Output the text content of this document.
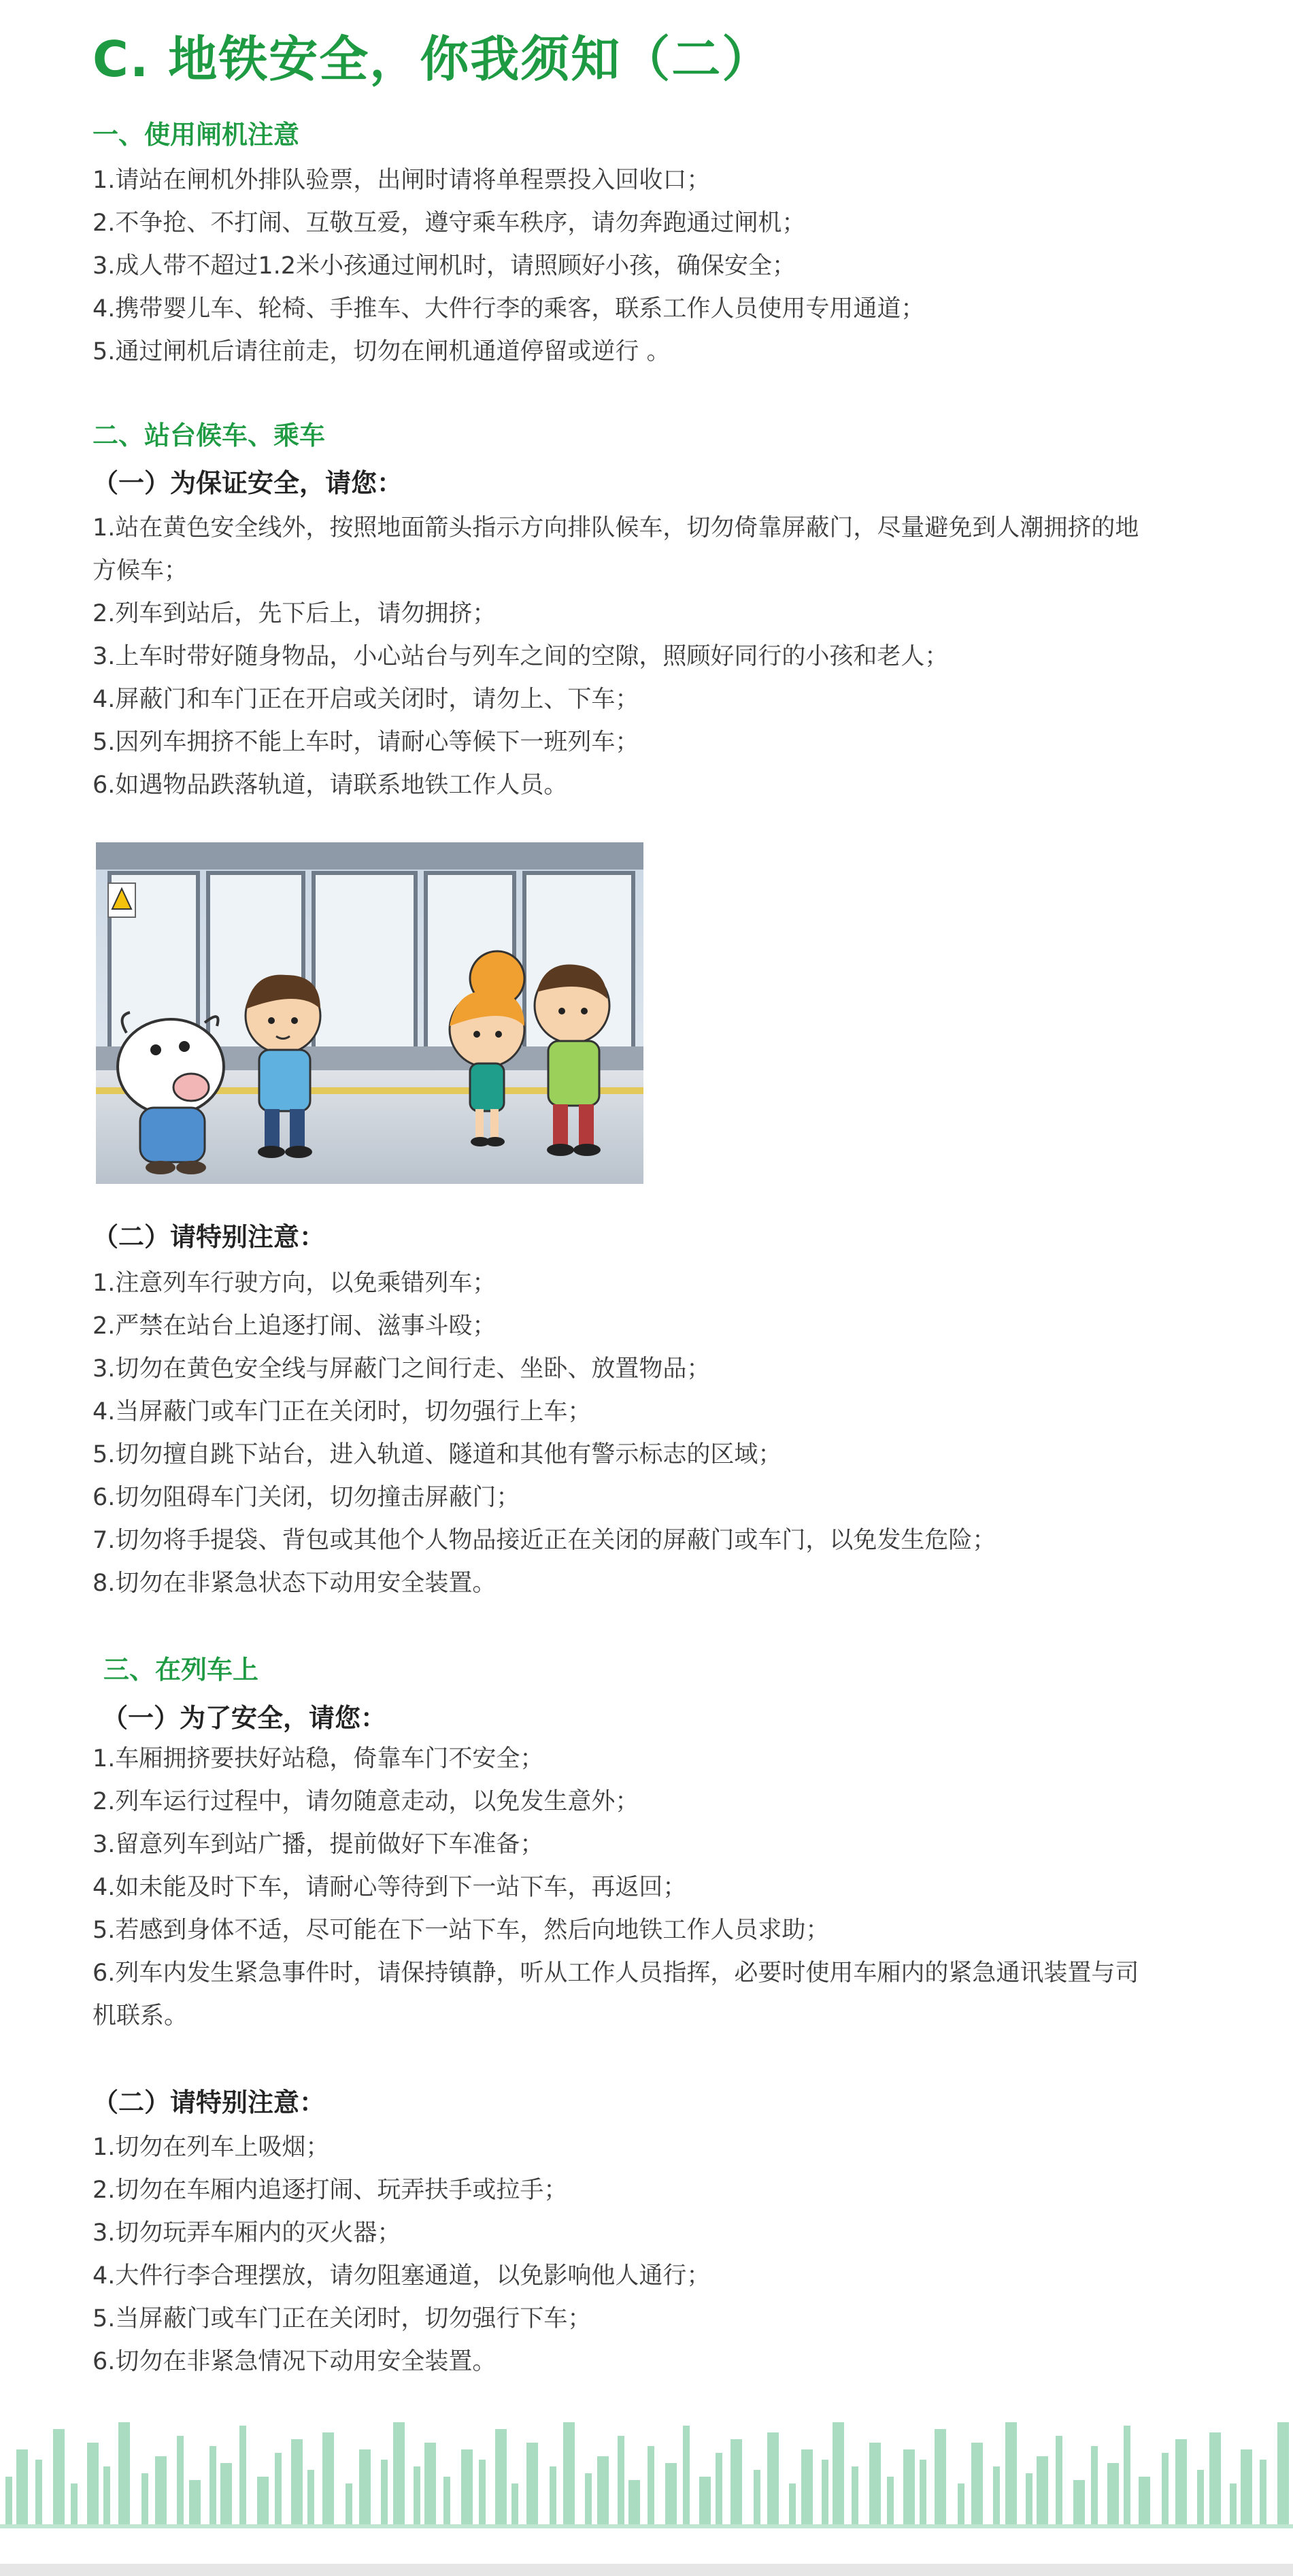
C. 地铁安全，你我须知（二）
一、使用闸机注意
1.请站在闸机外排队验票，出闸时请将单程票投入回收口；
2.不争抢、不打闹、互敬互爱，遵守乘车秩序，请勿奔跑通过闸机；
3.成人带不超过1.2米小孩通过闸机时，请照顾好小孩，确保安全；
4.携带婴儿车、轮椅、手推车、大件行李的乘客，联系工作人员使用专用通道；
5.通过闸机后请往前走，切勿在闸机通道停留或逆行 。
二、站台候车、乘车
（一）为保证安全，请您：
1.站在黄色安全线外，按照地面箭头指示方向排队候车，切勿倚靠屏蔽门，尽量避免到人潮拥挤的地方候车；
2.列车到站后，先下后上，请勿拥挤；
3.上车时带好随身物品，小心站台与列车之间的空隙，照顾好同行的小孩和老人；
4.屏蔽门和车门正在开启或关闭时，请勿上、下车；
5.因列车拥挤不能上车时，请耐心等候下一班列车；
6.如遇物品跌落轨道，请联系地铁工作人员。
（二）请特别注意：
1.注意列车行驶方向，以免乘错列车；
2.严禁在站台上追逐打闹、滋事斗殴；
3.切勿在黄色安全线与屏蔽门之间行走、坐卧、放置物品；
4.当屏蔽门或车门正在关闭时，切勿强行上车；
5.切勿擅自跳下站台，进入轨道、隧道和其他有警示标志的区域；
6.切勿阻碍车门关闭，切勿撞击屏蔽门；
7.切勿将手提袋、背包或其他个人物品接近正在关闭的屏蔽门或车门，以免发生危险；
8.切勿在非紧急状态下动用安全装置。
三、在列车上
（一）为了安全，请您：
1.车厢拥挤要扶好站稳，倚靠车门不安全；
2.列车运行过程中，请勿随意走动，以免发生意外；
3.留意列车到站广播，提前做好下车准备；
4.如未能及时下车，请耐心等待到下一站下车，再返回；
5.若感到身体不适，尽可能在下一站下车，然后向地铁工作人员求助；
6.列车内发生紧急事件时，请保持镇静，听从工作人员指挥，必要时使用车厢内的紧急通讯装置与司机联系。
（二）请特别注意：
1.切勿在列车上吸烟；
2.切勿在车厢内追逐打闹、玩弄扶手或拉手；
3.切勿玩弄车厢内的灭火器；
4.大件行李合理摆放，请勿阻塞通道，以免影响他人通行；
5.当屏蔽门或车门正在关闭时，切勿强行下车；
6.切勿在非紧急情况下动用安全装置。
